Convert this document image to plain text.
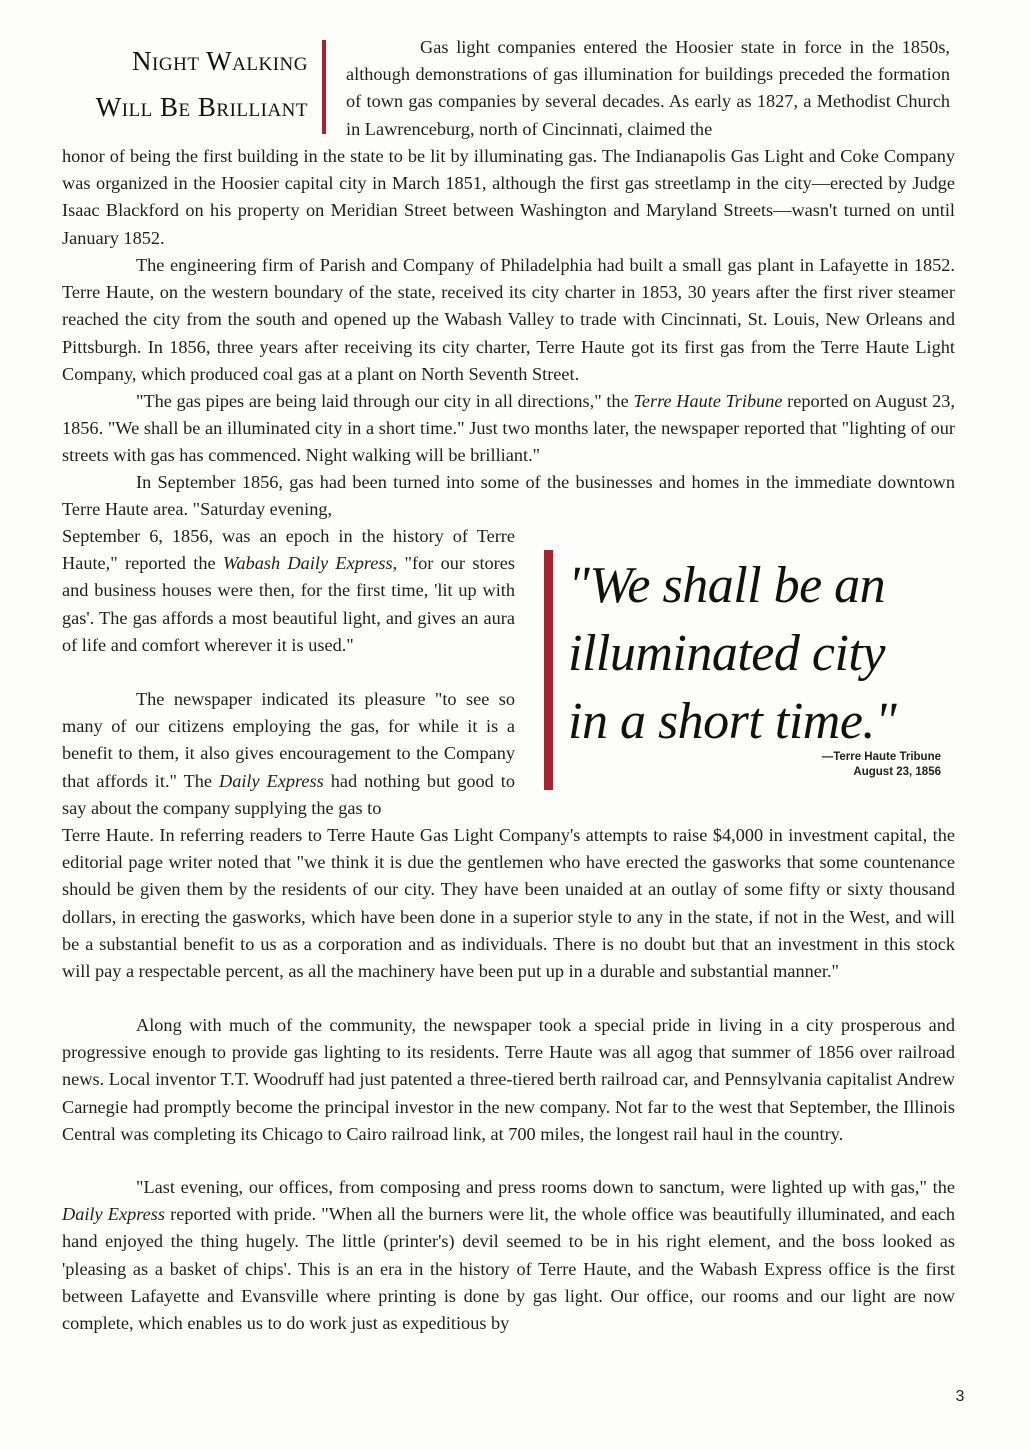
Night Walking
Will Be Brilliant

Gas light companies entered the Hoosier state in force in the 1850s, although demonstrations of gas illumination for buildings preceded the formation of town gas companies by several decades. As early as 1827, a Methodist Church in Lawrenceburg, north of Cincinnati, claimed the

honor of being the first building in the state to be lit by illuminating gas. The Indianapolis Gas Light and Coke Company was organized in the Hoosier capital city in March 1851, although the first gas streetlamp in the city—erected by Judge Isaac Blackford on his property on Meridian Street between Washington and Maryland Streets—wasn't turned on until January 1852.

The engineering firm of Parish and Company of Philadelphia had built a small gas plant in Lafayette in 1852. Terre Haute, on the western boundary of the state, received its city charter in 1853, 30 years after the first river steamer reached the city from the south and opened up the Wabash Valley to trade with Cincinnati, St. Louis, New Orleans and Pittsburgh. In 1856, three years after receiving its city charter, Terre Haute got its first gas from the Terre Haute Light Company, which produced coal gas at a plant on North Seventh Street.

"The gas pipes are being laid through our city in all directions," the Terre Haute Tribune reported on August 23, 1856. "We shall be an illuminated city in a short time." Just two months later, the newspaper reported that "lighting of our streets with gas has commenced. Night walking will be brilliant."

In September 1856, gas had been turned into some of the businesses and homes in the immediate downtown Terre Haute area. "Saturday evening,

September 6, 1856, was an epoch in the history of Terre Haute," reported the Wabash Daily Express, "for our stores and business houses were then, for the first time, 'lit up with gas'. The gas affords a most beautiful light, and gives an aura of life and comfort wherever it is used."

The newspaper indicated its pleasure "to see so many of our citizens employing the gas, for while it is a benefit to them, it also gives encouragement to the Company that affords it." The Daily Express had nothing but good to say about the company supplying the gas to

Terre Haute. In referring readers to Terre Haute Gas Light Company's attempts to raise $4,000 in investment capital, the editorial page writer noted that "we think it is due the gentlemen who have erected the gasworks that some countenance should be given them by the residents of our city. They have been unaided at an outlay of some fifty or sixty thousand dollars, in erecting the gasworks, which have been done in a superior style to any in the state, if not in the West, and will be a substantial benefit to us as a corporation and as individuals. There is no doubt but that an investment in this stock will pay a respectable percent, as all the machinery have been put up in a durable and substantial manner."

Along with much of the community, the newspaper took a special pride in living in a city prosperous and progressive enough to provide gas lighting to its residents. Terre Haute was all agog that summer of 1856 over railroad news. Local inventor T.T. Woodruff had just patented a three-tiered berth railroad car, and Pennsylvania capitalist Andrew Carnegie had promptly become the principal investor in the new company. Not far to the west that September, the Illinois Central was completing its Chicago to Cairo railroad link, at 700 miles, the longest rail haul in the country.

"Last evening, our offices, from composing and press rooms down to sanctum, were lighted up with gas," the Daily Express reported with pride. "When all the burners were lit, the whole office was beautifully illuminated, and each hand enjoyed the thing hugely. The little (printer's) devil seemed to be in his right element, and the boss looked as 'pleasing as a basket of chips'. This is an era in the history of Terre Haute, and the Wabash Express office is the first between Lafayette and Evansville where printing is done by gas light. Our office, our rooms and our light are now complete, which enables us to do work just as expeditious by

"We shall be an
illuminated city
in a short time."
—Terre Haute Tribune
August 23, 1856
3
